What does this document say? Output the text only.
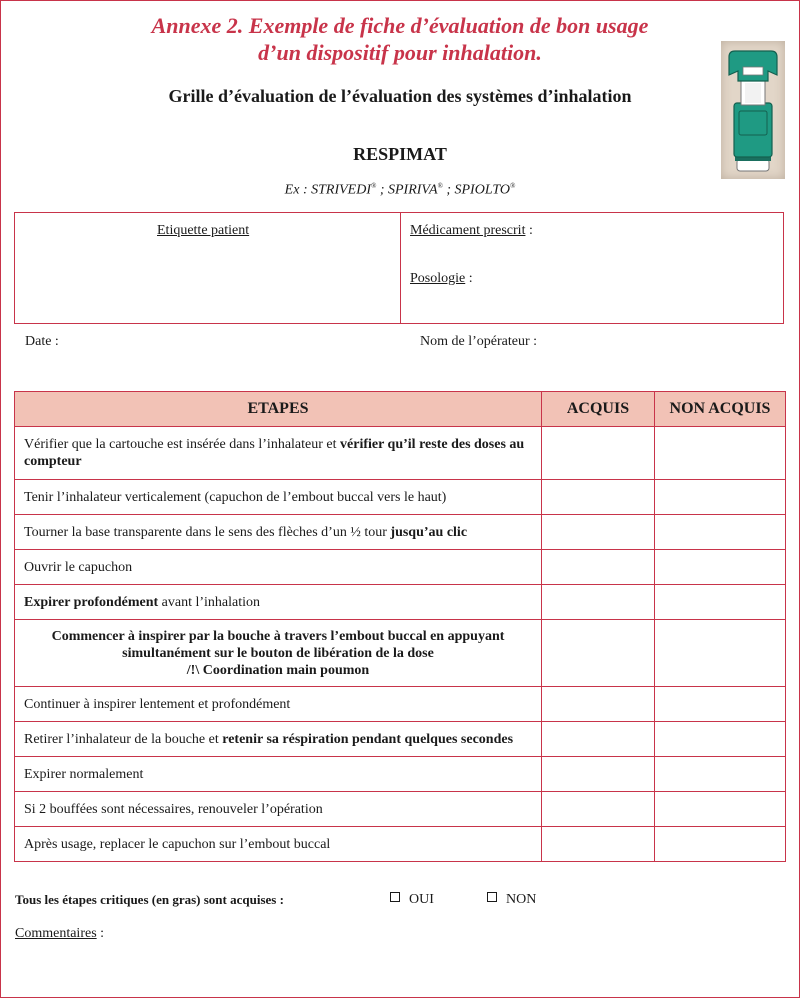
Annexe 2. Exemple de fiche d’évaluation de bon usage
d’un dispositif pour inhalation.
Grille d’évaluation de l’évaluation des systèmes d’inhalation
RESPIMAT
Ex : STRIVEDI® ; SPIRIVA® ; SPIOLTO®
Etiquette patient	Médicament prescrit :
Posologie :
Date :	Nom de l’opérateur :
ETAPES	ACQUIS	NON ACQUIS
Vérifier que la cartouche est insérée dans l’inhalateur et vérifier qu’il reste des doses au compteur		
Tenir l’inhalateur verticalement (capuchon de l’embout buccal vers le haut)		
Tourner la base transparente dans le sens des flèches d’un ½ tour jusqu’au clic		
Ouvrir le capuchon		
Expirer profondément avant l’inhalation		
Commencer à inspirer par la bouche à travers l’embout buccal en appuyant simultanément sur le bouton de libération de la dose
/!\ Coordination main poumon		
Continuer à inspirer lentement et profondément		
Retirer l’inhalateur de la bouche et retenir sa réspiration pendant quelques secondes		
Expirer normalement		
Si 2 bouffées sont nécessaires, renouveler l’opération		
Après usage, replacer le capuchon sur l’embout buccal		
Tous les étapes critiques (en gras) sont acquises :	OUI	NON
Commentaires :
